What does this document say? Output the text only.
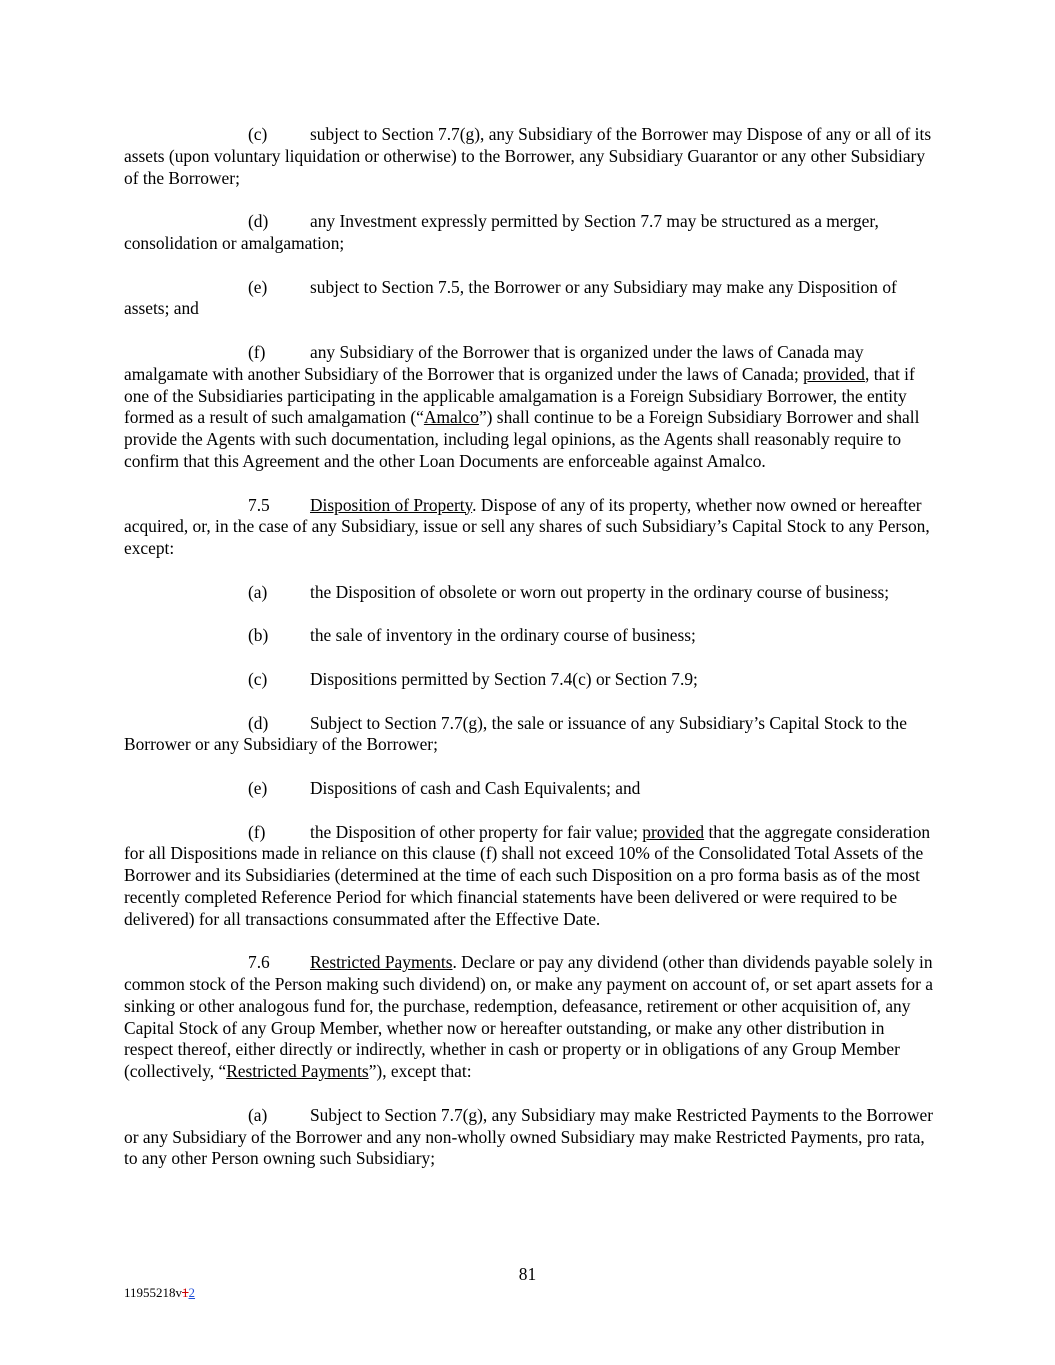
(c) subject to Section 7.7(g), any Subsidiary of the Borrower may Dispose of any or all of its assets (upon voluntary liquidation or otherwise) to the Borrower, any Subsidiary Guarantor or any other Subsidiary of the Borrower;

(d) any Investment expressly permitted by Section 7.7 may be structured as a merger, consolidation or amalgamation;

(e) subject to Section 7.5, the Borrower or any Subsidiary may make any Disposition of assets; and

(f)	any Subsidiary of the Borrower that is organized under the laws of Canada may amalgamate with another Subsidiary of the Borrower that is organized under the laws of Canada; provided, that if one of the Subsidiaries participating in the applicable amalgamation is a Foreign Subsidiary Borrower, the entity formed as a result of such amalgamation (“Amalco”) shall continue to be a Foreign Subsidiary Borrower and shall provide the Agents with such documentation, including legal opinions, as the Agents shall reasonably require to confirm that this Agreement and the other Loan Documents are enforceable against Amalco.

7.5 Disposition of Property. Dispose of any of its property, whether now owned or hereafter acquired, or, in the case of any Subsidiary, issue or sell any shares of such Subsidiary’s Capital Stock to any Person, except:

(a) the Disposition of obsolete or worn out property in the ordinary course of business;

(b) the sale of inventory in the ordinary course of business;

(c) Dispositions permitted by Section 7.4(c) or Section 7.9;

(d) Subject to Section 7.7(g), the sale or issuance of any Subsidiary’s Capital Stock to the Borrower or any Subsidiary of the Borrower;

(e) Dispositions of cash and Cash Equivalents; and

(f)	the Disposition of other property for fair value; provided that the aggregate consideration for all Dispositions made in reliance on this clause (f) shall not exceed 10% of the Consolidated Total Assets of the Borrower and its Subsidiaries (determined at the time of each such Disposition on a pro forma basis as of the most recently completed Reference Period for which financial statements have been delivered or were required to be delivered) for all transactions consummated after the Effective Date.

7.6 Restricted Payments. Declare or pay any dividend (other than dividends payable solely in common stock of the Person making such dividend) on, or make any payment on account of, or set apart assets for a sinking or other analogous fund for, the purchase, redemption, defeasance, retirement or other acquisition of, any Capital Stock of any Group Member, whether now or hereafter outstanding, or make any other distribution in respect thereof, either directly or indirectly, whether in cash or property or in obligations of any Group Member (collectively, “Restricted Payments”), except that:

(a) Subject to Section 7.7(g), any Subsidiary may make Restricted Payments to the Borrower or any Subsidiary of the Borrower and any non-wholly owned Subsidiary may make Restricted Payments, pro rata, to any other Person owning such Subsidiary;

81
11955218v12
